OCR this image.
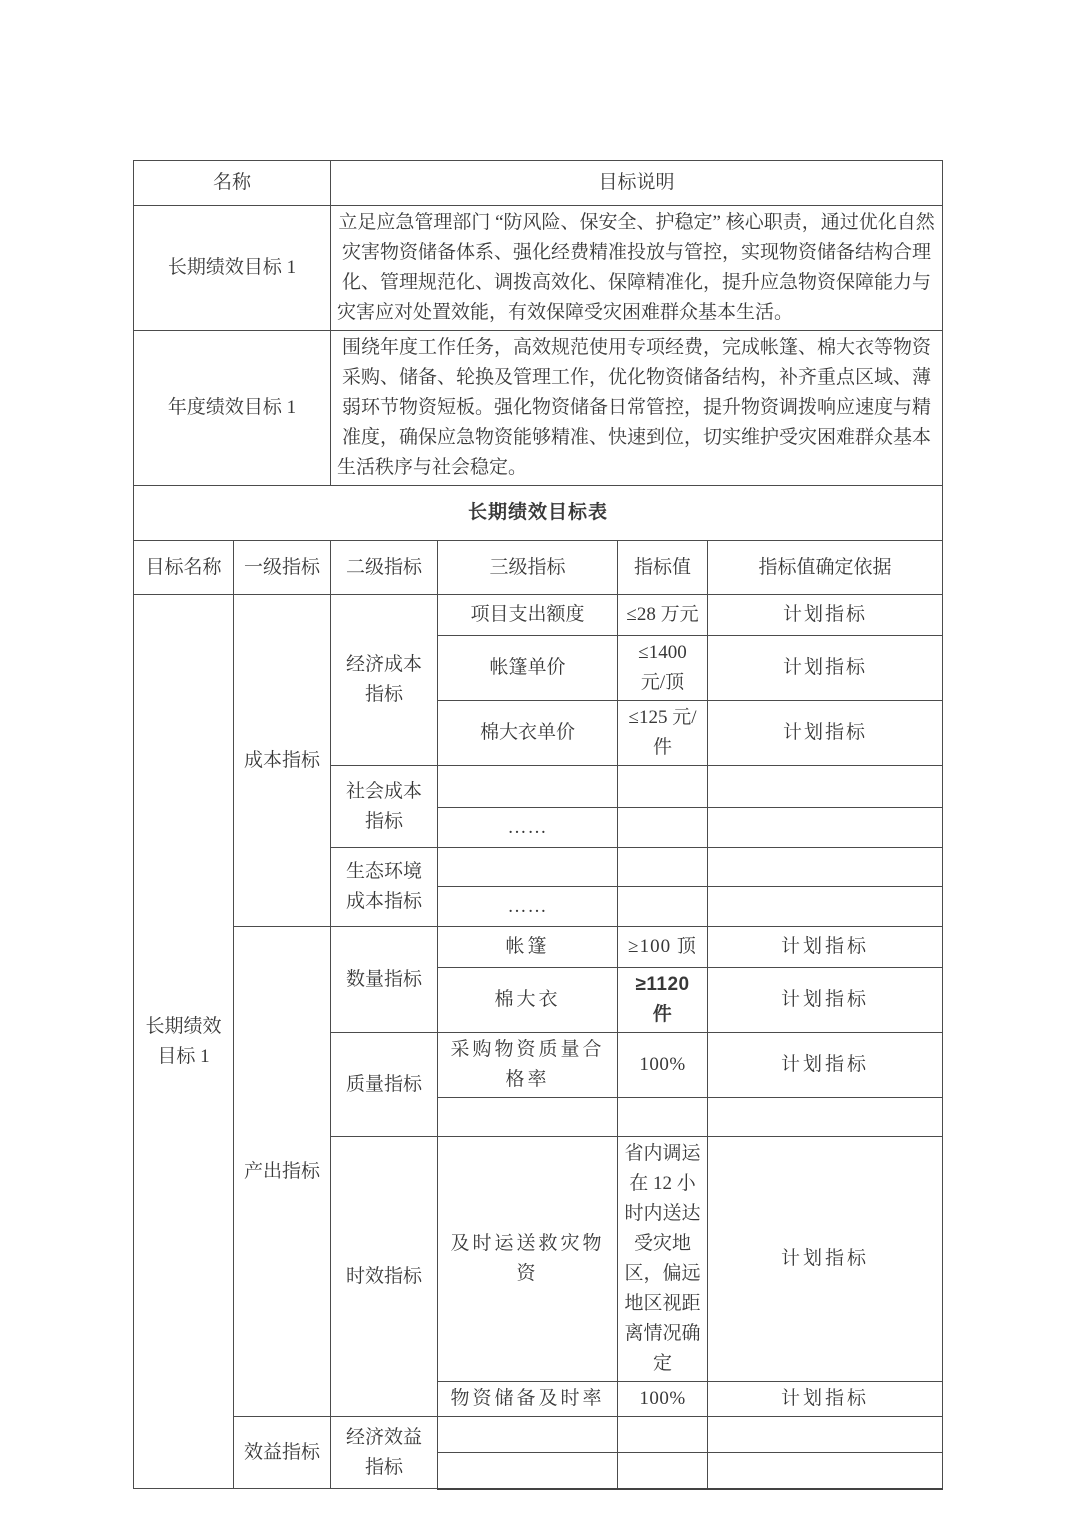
名称		目标说明			
长期绩效目标 1		立足应急管理部门 “防风险、保安全、护稳定” 核心职责，通过优化自然灾害物资储备体系、强化经费精准投放与管控，实现物资储备结构合理化、管理规范化、调拨高效化、保障精准化，提升应急物资保障能力与灾害应对处置效能，有效保障受灾困难群众基本生活。			
年度绩效目标 1		围绕年度工作任务，高效规范使用专项经费，完成帐篷、棉大衣等物资采购、储备、轮换及管理工作，优化物资储备结构，补齐重点区域、薄弱环节物资短板。强化物资储备日常管控，提升物资调拨响应速度与精准度，确保应急物资能够精准、快速到位，切实维护受灾困难群众基本生活秩序与社会稳定。			
长期绩效目标表					
目标名称	一级指标	二级指标	三级指标	指标值	指标值确定依据
长期绩效目标 1	成本指标	经济成本指标	项目支出额度	≤28 万元	计划指标
			帐篷单价	≤1400 元/顶	计划指标
			棉大衣单价	≤125 元/件	计划指标
		社会成本指标			
			……		
		生态环境成本指标			
			……		
	产出指标	数量指标	帐篷	≥100 顶	计划指标
			棉大衣	≥1120 件	计划指标
		质量指标	采购物资质量合格率	100%	计划指标

		时效指标	及时运送救灾物资	省内调运在 12 小时内送达受灾地区，偏远地区视距离情况确定	计划指标
			物资储备及时率	100%	计划指标
	效益指标	经济效益指标			
